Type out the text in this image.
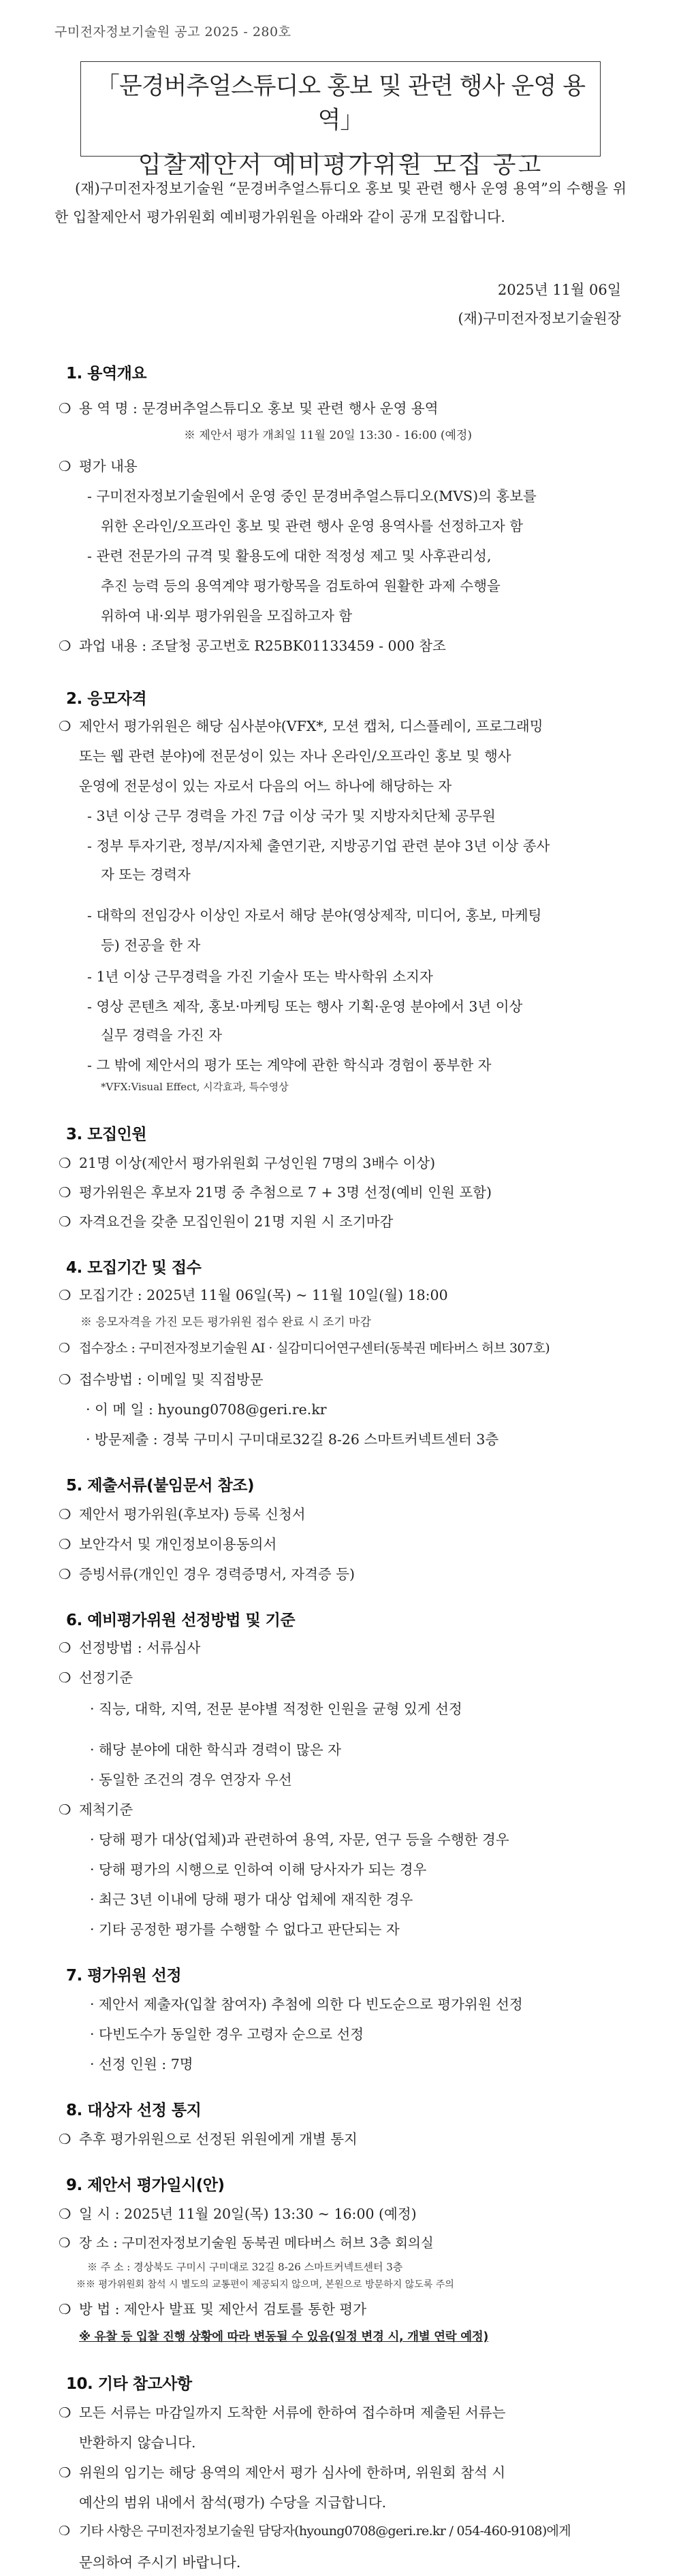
구미전자정보기술원 공고 2025 - 280호
「문경버추얼스튜디오 홍보 및 관련 행사 운영 용역」
입찰제안서 예비평가위원 모집 공고
(재)구미전자정보기술원 “문경버추얼스튜디오 홍보 및 관련 행사 운영 용역”의 수행을 위한 입찰제안서 평가위원회 예비평가위원을 아래와 같이 공개 모집합니다.
2025년 11월 06일
(재)구미전자정보기술원장
1. 용역개요
❍ 용 역 명 : 문경버추얼스튜디오 홍보 및 관련 행사 운영 용역
※ 제안서 평가 개최일 11월 20일 13:30 - 16:00 (예정)
❍ 평가 내용
- 구미전자정보기술원에서 운영 중인 문경버추얼스튜디오(MVS)의 홍보를
위한 온라인/오프라인 홍보 및 관련 행사 운영 용역사를 선정하고자 함
- 관련 전문가의 규격 및 활용도에 대한 적정성 제고 및 사후관리성,
추진 능력 등의 용역계약 평가항목을 검토하여 원활한 과제 수행을
위하여 내·외부 평가위원을 모집하고자 함
❍ 과업 내용 : 조달청 공고번호 R25BK01133459 - 000 참조
2. 응모자격
❍ 제안서 평가위원은 해당 심사분야(VFX*, 모션 캡처, 디스플레이, 프로그래밍
또는 웹 관련 분야)에 전문성이 있는 자나 온라인/오프라인 홍보 및 행사
운영에 전문성이 있는 자로서 다음의 어느 하나에 해당하는 자
- 3년 이상 근무 경력을 가진 7급 이상 국가 및 지방자치단체 공무원
- 정부 투자기관, 정부/지자체 출연기관, 지방공기업 관련 분야 3년 이상 종사
자 또는 경력자
- 대학의 전임강사 이상인 자로서 해당 분야(영상제작, 미디어, 홍보, 마케팅
등) 전공을 한 자
- 1년 이상 근무경력을 가진 기술사 또는 박사학위 소지자
- 영상 콘텐츠 제작, 홍보·마케팅 또는 행사 기획·운영 분야에서 3년 이상
실무 경력을 가진 자
- 그 밖에 제안서의 평가 또는 계약에 관한 학식과 경험이 풍부한 자
*VFX:Visual Effect, 시각효과, 특수영상
3. 모집인원
❍ 21명 이상(제안서 평가위원회 구성인원 7명의 3배수 이상)
❍ 평가위원은 후보자 21명 중 추첨으로 7 + 3명 선정(예비 인원 포함)
❍ 자격요건을 갖춘 모집인원이 21명 지원 시 조기마감
4. 모집기간 및 접수
❍ 모집기간 : 2025년 11월 06일(목) ~ 11월 10일(월) 18:00
※ 응모자격을 가진 모든 평가위원 접수 완료 시 조기 마감
❍ 접수장소 : 구미전자정보기술원 AI · 실감미디어연구센터(동북권 메타버스 허브 307호)
❍ 접수방법 : 이메일 및 직접방문
· 이 메 일 : hyoung0708@geri.re.kr
· 방문제출 : 경북 구미시 구미대로32길 8-26 스마트커넥트센터 3층
5. 제출서류(붙임문서 참조)
❍ 제안서 평가위원(후보자) 등록 신청서
❍ 보안각서 및 개인정보이용동의서
❍ 증빙서류(개인인 경우 경력증명서, 자격증 등)
6. 예비평가위원 선정방법 및 기준
❍ 선정방법 : 서류심사
❍ 선정기준
· 직능, 대학, 지역, 전문 분야별 적정한 인원을 균형 있게 선정
· 해당 분야에 대한 학식과 경력이 많은 자
· 동일한 조건의 경우 연장자 우선
❍ 제척기준
· 당해 평가 대상(업체)과 관련하여 용역, 자문, 연구 등을 수행한 경우
· 당해 평가의 시행으로 인하여 이해 당사자가 되는 경우
· 최근 3년 이내에 당해 평가 대상 업체에 재직한 경우
· 기타 공정한 평가를 수행할 수 없다고 판단되는 자
7. 평가위원 선정
· 제안서 제출자(입찰 참여자) 추첨에 의한 다 빈도순으로 평가위원 선정
· 다빈도수가 동일한 경우 고령자 순으로 선정
· 선정 인원 : 7명
8. 대상자 선정 통지
❍ 추후 평가위원으로 선정된 위원에게 개별 통지
9. 제안서 평가일시(안)
❍ 일 시 : 2025년 11월 20일(목) 13:30 ~ 16:00 (예정)
❍ 장 소 : 구미전자정보기술원 동북권 메타버스 허브 3층 회의실
※ 주 소 : 경상북도 구미시 구미대로 32길 8-26 스마트커넥트센터 3층
※※ 평가위원회 참석 시 별도의 교통편이 제공되지 않으며, 본원으로 방문하지 않도록 주의
❍ 방 법 : 제안사 발표 및 제안서 검토를 통한 평가
※ 유찰 등 입찰 진행 상황에 따라 변동될 수 있음(일정 변경 시, 개별 연락 예정)
10. 기타 참고사항
❍ 모든 서류는 마감일까지 도착한 서류에 한하여 접수하며 제출된 서류는
반환하지 않습니다.
❍ 위원의 임기는 해당 용역의 제안서 평가 심사에 한하며, 위원회 참석 시
예산의 범위 내에서 참석(평가) 수당을 지급합니다.
❍ 기타 사항은 구미전자정보기술원 담당자(hyoung0708@geri.re.kr / 054-460-9108)에게
문의하여 주시기 바랍니다.
